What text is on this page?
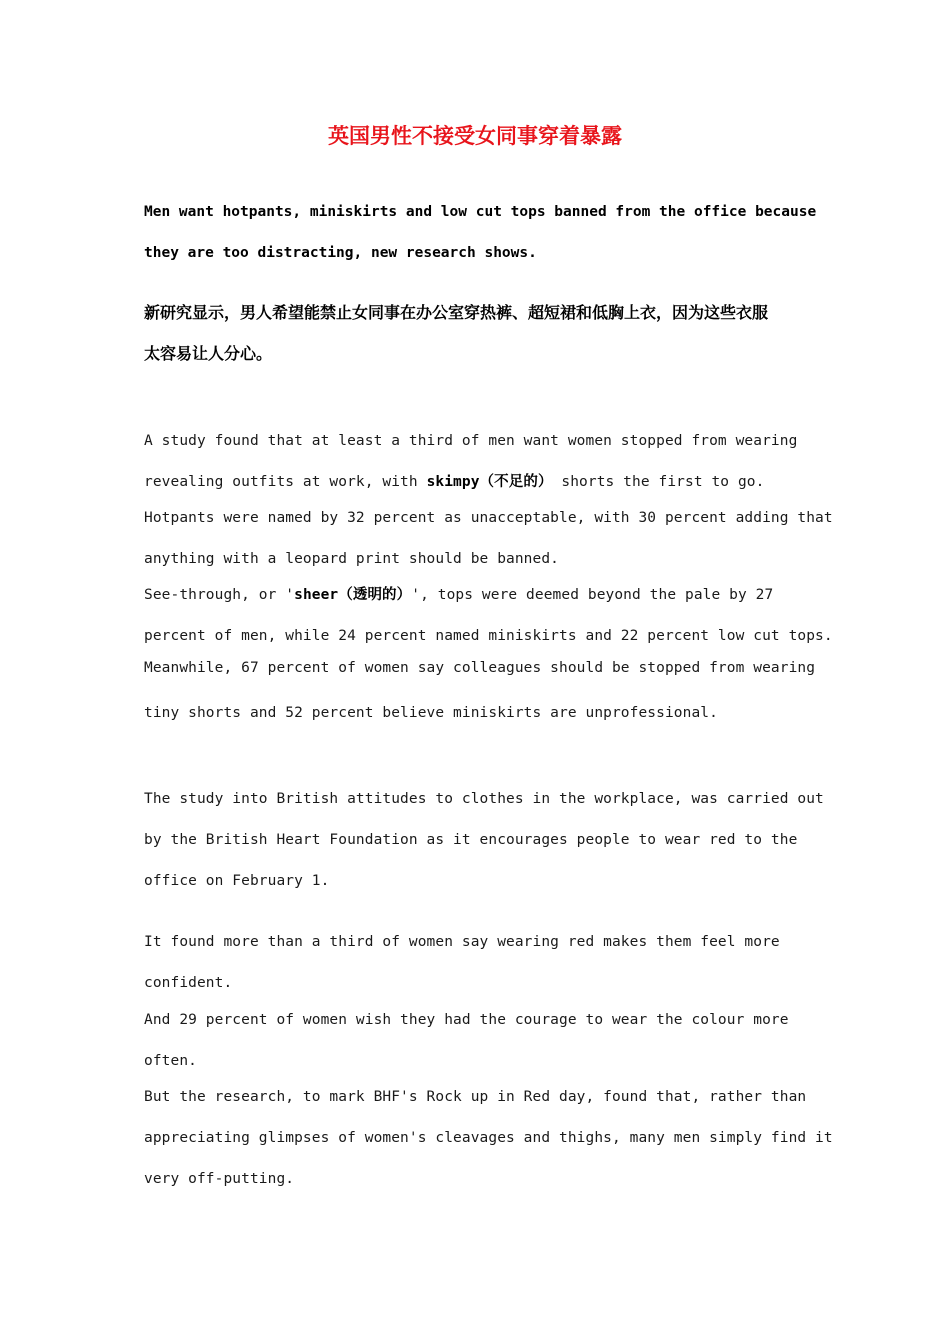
英国男性不接受女同事穿着暴露

Men want hotpants, miniskirts and low cut tops banned from the office because

they are too distracting, new research shows.

新研究显示，男人希望能禁止女同事在办公室穿热裤、超短裙和低胸上衣，因为这些衣服

太容易让人分心。

A study found that at least a third of men want women stopped from wearing

revealing outfits at work, with skimpy（不足的） shorts the first to go.

Hotpants were named by 32 percent as unacceptable, with 30 percent adding that

anything with a leopard print should be banned.

See-through, or 'sheer（透明的）', tops were deemed beyond the pale by 27

percent of men, while 24 percent named miniskirts and 22 percent low cut tops.

Meanwhile, 67 percent of women say colleagues should be stopped from wearing

tiny shorts and 52 percent believe miniskirts are unprofessional.

The study into British attitudes to clothes in the workplace, was carried out

by the British Heart Foundation as it encourages people to wear red to the

office on February 1.

It found more than a third of women say wearing red makes them feel more

confident.

And 29 percent of women wish they had the courage to wear the colour more

often.

But the research, to mark BHF's Rock up in Red day, found that, rather than

appreciating glimpses of women's cleavages and thighs, many men simply find it

very off-putting.
